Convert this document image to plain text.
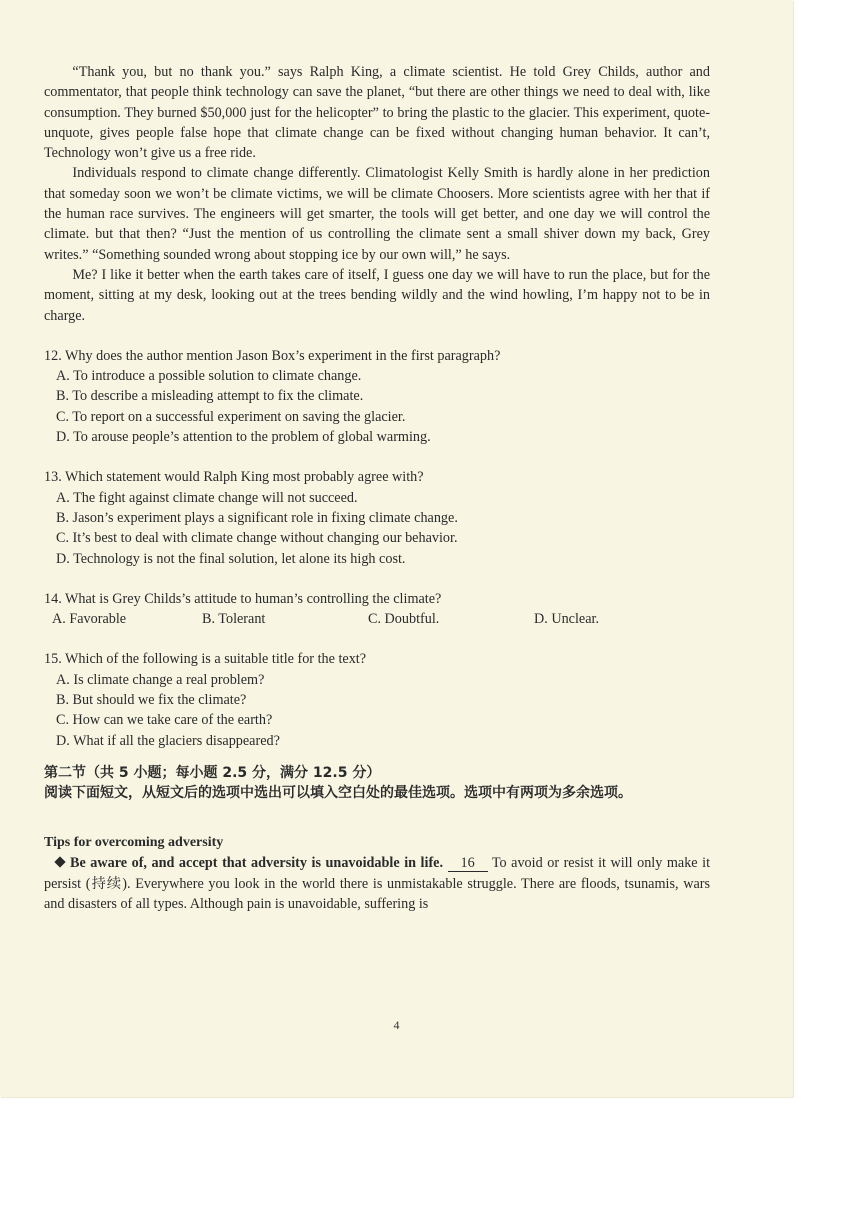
“Thank you, but no thank you.” says Ralph King, a climate scientist. He told Grey Childs, author and commentator, that people think technology can save the planet, “but there are other things we need to deal with, like consumption. They burned $50,000 just for the helicopter” to bring the plastic to the glacier. This experiment, quote-unquote, gives people false hope that climate change can be fixed without changing human behavior. It can’t, Technology won’t give us a free ride.

Individuals respond to climate change differently. Climatologist Kelly Smith is hardly alone in her prediction that someday soon we won’t be climate victims, we will be climate Choosers. More scientists agree with her that if the human race survives. The engineers will get smarter, the tools will get better, and one day we will control the climate. but that then? “Just the mention of us controlling the climate sent a small shiver down my back, Grey writes.” “Something sounded wrong about stopping ice by our own will,” he says.

Me? I like it better when the earth takes care of itself, I guess one day we will have to run the place, but for the moment, sitting at my desk, looking out at the trees bending wildly and the wind howling, I’m happy not to be in charge.

12. Why does the author mention Jason Box’s experiment in the first paragraph?

A. To introduce a possible solution to climate change.

B. To describe a misleading attempt to fix the climate.

C. To report on a successful experiment on saving the glacier.

D. To arouse people’s attention to the problem of global warming.

13. Which statement would Ralph King most probably agree with?

A. The fight against climate change will not succeed.

B. Jason’s experiment plays a significant role in fixing climate change.

C. It’s best to deal with climate change without changing our behavior.

D. Technology is not the final solution, let alone its high cost.

14. What is Grey Childs’s attitude to human’s controlling the climate?

A. Favorable	B. Tolerant	C. Doubtful.	D. Unclear.

15. Which of the following is a suitable title for the text?

A. Is climate change a real problem?

B. But should we fix the climate?

C. How can we take care of the earth?

D. What if all the glaciers disappeared?

第二节（共 5 小题；每小题 2.5 分，满分 12.5 分）

阅读下面短文，从短文后的选项中选出可以填入空白处的最佳选项。选项中有两项为多余选项。

Tips for overcoming adversity

Be aware of, and accept that adversity is unavoidable in life. 16 To avoid or resist it will only make it persist (持续). Everywhere you look in the world there is unmistakable struggle. There are floods, tsunamis, wars and disasters of all types. Although pain is unavoidable, suffering is

4
